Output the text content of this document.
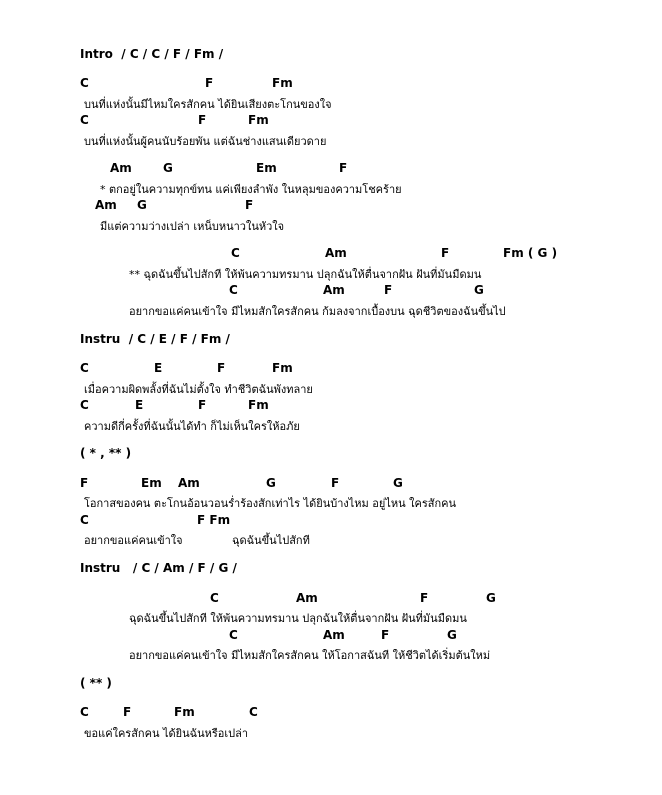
Intro  / C / C / F / Fm /
C	F	Fm
บนที่แห่งนั้นมีไหมใครสักคน ได้ยินเสียงตะโกนของใจ
C	F	Fm
บนที่แห่งนั้นผู้คนนับร้อยพัน แต่ฉันช่างแสนเดียวดาย
Am	G	Em	F
* ตกอยู่ในความทุกข์ทน แค่เพียงลำพัง ในหลุมของความโชคร้าย
Am G	F
มีแต่ความว่างเปล่า เหน็บหนาวในหัวใจ
C	Am	F	Fm ( G )
** ฉุดฉันขึ้นไปสักที ให้พ้นความทรมาน ปลุกฉันให้ตื่นจากฝัน ฝันที่มันมืดมน
C	Am	F	G
อยากขอแค่คนเข้าใจ มีไหมสักใครสักคน ก้มลงจากเบื้องบน ฉุดชีวิตของฉันขึ้นไป
Instru  / C / E / F / Fm /
C	E	F	Fm
เมื่อความผิดพลั้งที่ฉันไม่ตั้งใจ ทำชีวิตฉันพังทลาย
C	E	F	Fm
ความดีกี่ครั้งที่ฉันนั้นได้ทำ ก็ไม่เห็นใครให้อภัย
( * , ** )
F	Em Am	G	F	G
โอกาสของคน ตะโกนอ้อนวอนร่ำร้องสักเท่าไร ได้ยินบ้างไหม อยู่ไหน ใครสักคน
C	F Fm
อยากขอแค่คนเข้าใจ	ฉุดฉันขึ้นไปสักที
Instru   / C / Am / F / G /
C	Am	F	G
ฉุดฉันขึ้นไปสักที ให้พ้นความทรมาน ปลุกฉันให้ตื่นจากฝัน ฝันที่มันมืดมน
C	Am	F	G
อยากขอแค่คนเข้าใจ มีไหมสักใครสักคน ให้โอกาสฉันที ให้ชีวิตได้เริ่มต้นใหม่
( ** )
C	F	Fm	C
ขอแค่ใครสักคน ได้ยินฉันหรือเปล่า
